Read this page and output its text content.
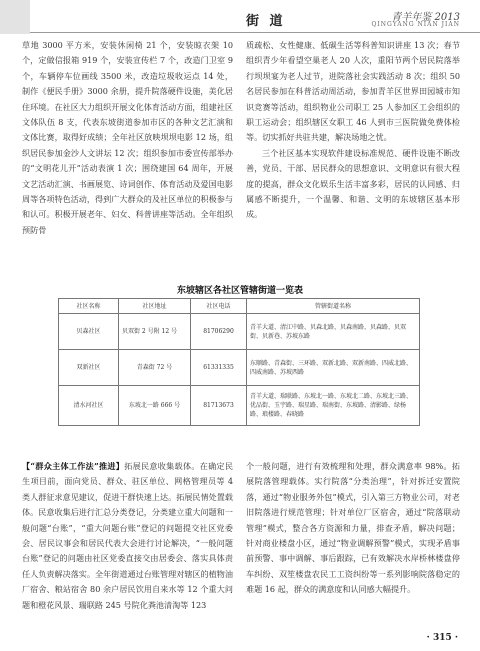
街 道	青羊年鉴 2013
QINGYANG NIAN JIAN

草地 3000 平方米，安装休闲椅 21 个，安装晾衣架 10 个，定做信报箱 919 个，安装宣传栏 7 个，改造门卫室 9 个，车辆停车位画线 3500 米，改造垃圾收运点 14 处，制作《便民手册》3000 余册，提升院落硬件设施，美化居住环境。在社区大力组织开展文化体育活动方面，组建社区文体队伍 8 支，代表东坡街道参加市区的各种文艺汇演和文体比赛，取得好成绩；全年社区放映坝坝电影 12 场，组织居民参加金沙人文讲坛 12 次；组织参加市委宣传部举办的“文明花儿开”活动表演 1 次；围绕建国 64 周年，开展文艺活动汇演、书画展览、诗词创作、体育活动及爱国电影周等各项特色活动，得到广大群众的及社区单位的积极参与和认可。积极开展老年、妇女、科普讲座等活动。全年组织预防骨

质疏松、女性健康、低碳生活等科普知识讲座 13 次；春节组织青少年看望空巢老人 20 人次，重阳节两个居民院落举行坝坝宴为老人过节，进院落社会实践活动 8 次；组织 50 名居民参加在科普活动周活动，参加青羊区世界田园城市知识竞赛等活动，组织物业公司职工 25 人参加区工会组织的职工运动会；组织辖区女职工 46 人到市三医院做免费体检等。切实抓好共驻共建，解决场地之忧。

三个社区基本实现软件建设标准规范、硬件设施不断改善，党员、干部、居民群众的思想意识、文明意识有很大程度的提高，群众文化娱乐生活丰富多彩，居民的认同感、归属感不断提升，一个温馨、和谐、文明的东坡辖区基本形成。

东坡辖区各社区管辖街道一览表
社区名称	社区地址	社区电话	管辖街道名称
贝森社区	贝双街 2 号附 12 号	81706290	青羊大道、清江中路、贝森北路、贝森南路、贝森路、贝双街、贝新巷、苏坡东路
双新社区	青森街 72 号	61331335	东顺路、青森街、三环路、双新北路、双新南路、四威北路、四威南路、苏坡西路
清水河社区	东坡北一路 666 号	81713673	青羊大道、瑞联路、东坡北一路、东坡北二路、东坡北三路、优品街、玉宇路、瑞星路、瑞南街、东坡路、清影路、绿杨路、琅楼路、春晓路

【“群众主体工作法”推进】拓展民意收集载体。在确定民生项目前，面向党员、群众、驻区单位、网格管理员等 4 类人群征求意见建议，促进干群快速上达。拓展民情处置载体。民意收集后进行汇总分类登记，分类建立重大问题和一般问题“台账”，“重大问题台账”登记的问题提交社区党委会、居民议事会和居民代表大会进行讨论解决，“一般问题台账”登记的问题由社区党委直接交由居委会、落实具体责任人负责解决落实。全年街道通过台账管理对辖区的植物油厂宿舍、粮站宿舍 80 余户居民饮用自来水等 12 个重大问题和橙花风景、瑞联路 245 号院化粪池清淘等 123

个一般问题，进行有效梳理和处理，群众满意率 98%。拓展院落管理载体。实行院落“分类治理”，针对拆迁安置院落，通过“物业服务外包”模式，引入第三方物业公司，对老旧院落进行规范管理；针对单位厂区宿舍，通过“院落联动管理”模式，整合各方资源和力量，排查矛盾，解决问题；针对商业楼盘小区，通过“物业调解预警”模式，实现矛盾事前预警、事中调解、事后跟踪，已有效解决水岸桥林楼盘停车纠纷、双笙楼盘农民工工资纠纷等一系列影响院落稳定的难题 16 起，群众的满意度和认同感大幅提升。

· 315 ·
